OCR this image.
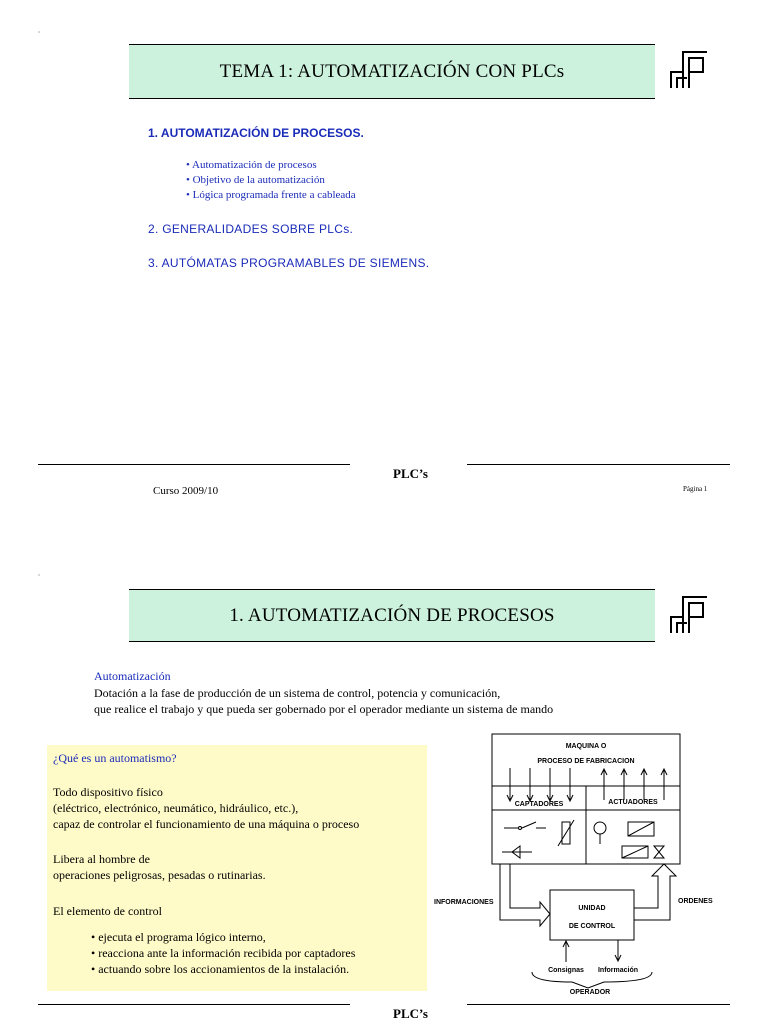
▫
TEMA 1: AUTOMATIZACIÓN CON PLCs
1. AUTOMATIZACIÓN DE PROCESOS.
• Automatización de procesos
• Objetivo de la automatización
• Lógica programada frente a cableada
2. GENERALIDADES SOBRE PLCs.
3. AUTÓMATAS PROGRAMABLES DE SIEMENS.
PLC’s
Curso 2009/10	Página 1
▫
1. AUTOMATIZACIÓN DE PROCESOS
Automatización
Dotación a la fase de producción de un sistema de control, potencia y comunicación,
que realice el trabajo y que pueda ser gobernado por el operador mediante un sistema de mando
¿Qué es un automatismo?
Todo dispositivo físico
(eléctrico, electrónico, neumático, hidráulico, etc.),
capaz de controlar el funcionamiento de una máquina o proceso
Libera al hombre de
operaciones peligrosas, pesadas o rutinarias.
El elemento de control
• ejecuta el programa lógico interno,
• reacciona ante la información recibida por captadores
• actuando sobre los accionamientos de la instalación.
MAQUINA O
PROCESO DE FABRICACION
CAPTADORES	ACTUADORES
INFORMACIONES	ORDENES
UNIDAD
DE CONTROL
Consignas Información
OPERADOR
PLC’s
